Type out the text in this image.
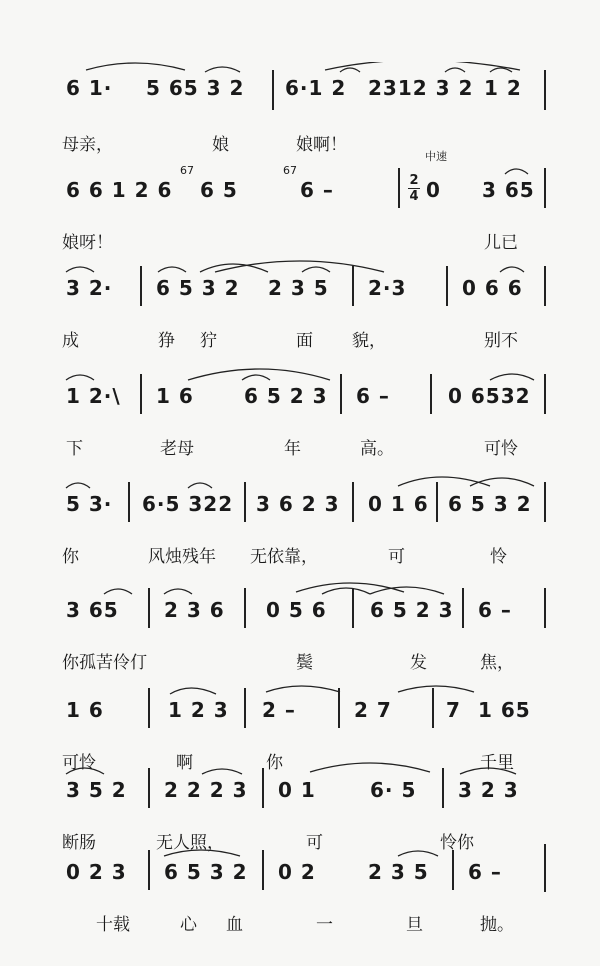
6 1· 5 65 3 2 6·1 2 2312 3 2 1 2
母亲，	娘	娘啊！
中速
6 6 1 2 6
67
6 5
67
6 –	2
4 0 3 65
娘呀！	儿已
3 2· 6 5 3 2 2 3 5 2·3	0 6 6
成	狰 狞	面 貌，	别不
1 2·\ 1 6	6 5 2 3 6 –	0 6532
下	老母	年	高。	可怜
5 3· 6·5 322 3 6 2 3 0 1 6 6 5 3 2
你	风烛残年 无依靠，	可	怜
3 65 2 3 6 0 5 6 6 5 2 3 6 –
你孤苦伶仃	鬓	发	焦，
1 6	1 2 3 2 –	2 7	7 1 65
可怜	啊	你	千里
3 5 2 2 2 2 3 0 1	6· 5 3 2 3
断肠	无人照，	可	怜你
0 2 3 6 5 3 2 0 2	2 3 5 6 –
十载	心 血	一	旦	抛。
